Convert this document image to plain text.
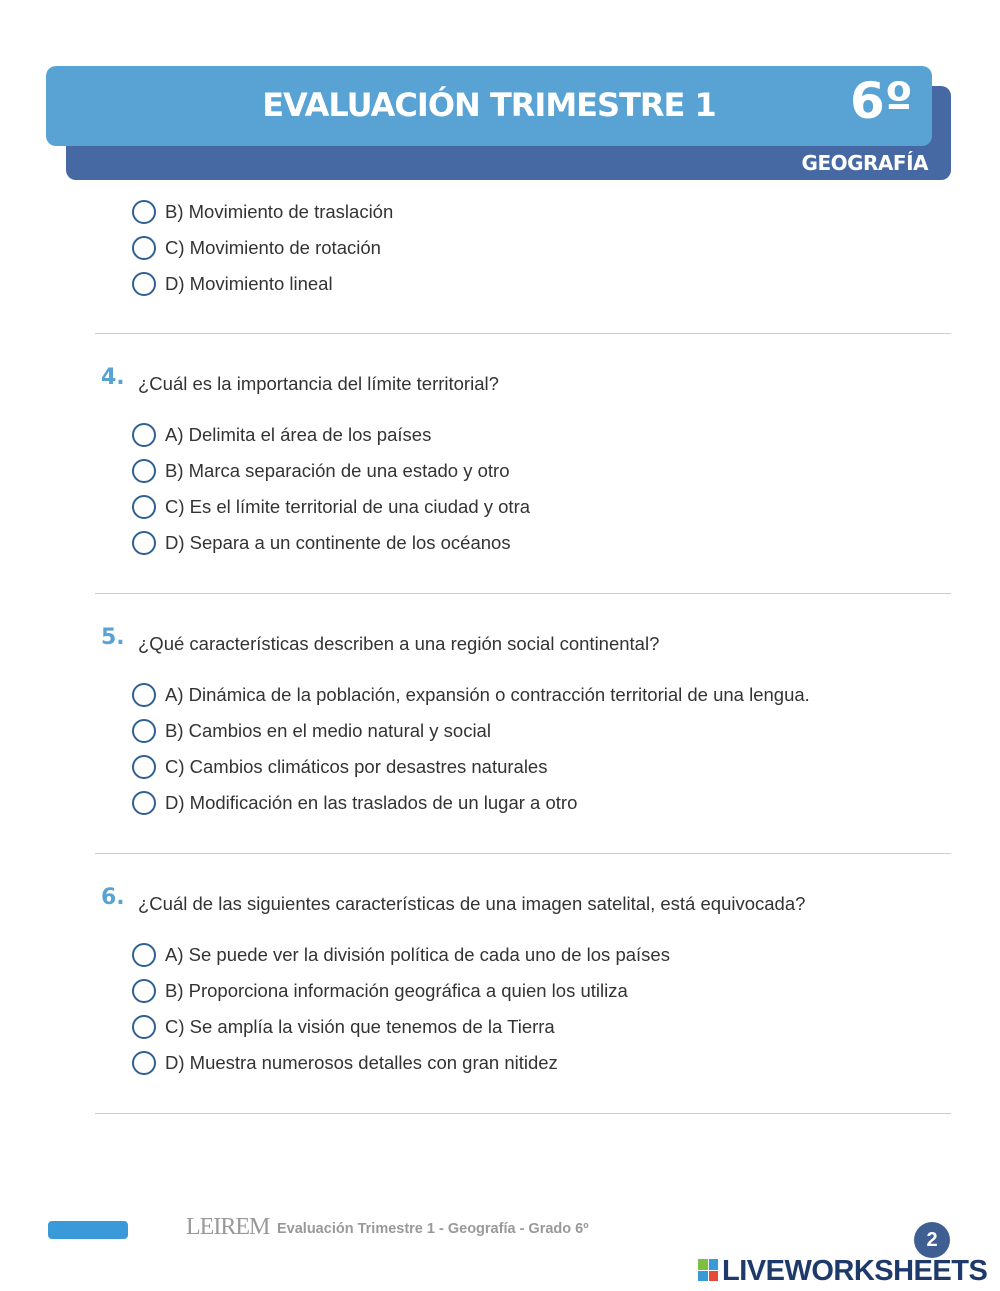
EVALUACIÓN TRIMESTRE 1	6º
GEOGRAFÍA
B) Movimiento de traslación
C) Movimiento de rotación
D) Movimiento lineal
4. ¿Cuál es la importancia del límite territorial?
A) Delimita el área de los países
B) Marca separación de una estado y otro
C) Es el límite territorial de una ciudad y otra
D) Separa a un continente de los océanos
5. ¿Qué características describen a una región social continental?
A) Dinámica de la población, expansión o contracción territorial de una lengua.
B) Cambios en el medio natural y social
C) Cambios climáticos por desastres naturales
D) Modificación en las traslados de un lugar a otro
6. ¿Cuál de las siguientes características de una imagen satelital, está equivocada?
A) Se puede ver la división política de cada uno de los países
B) Proporciona información geográfica a quien los utiliza
C) Se amplía la visión que tenemos de la Tierra
D) Muestra numerosos detalles con gran nitidez
LEIREM Evaluación Trimestre 1 - Geografía - Grado 6º	2
LIVEWORKSHEETS
